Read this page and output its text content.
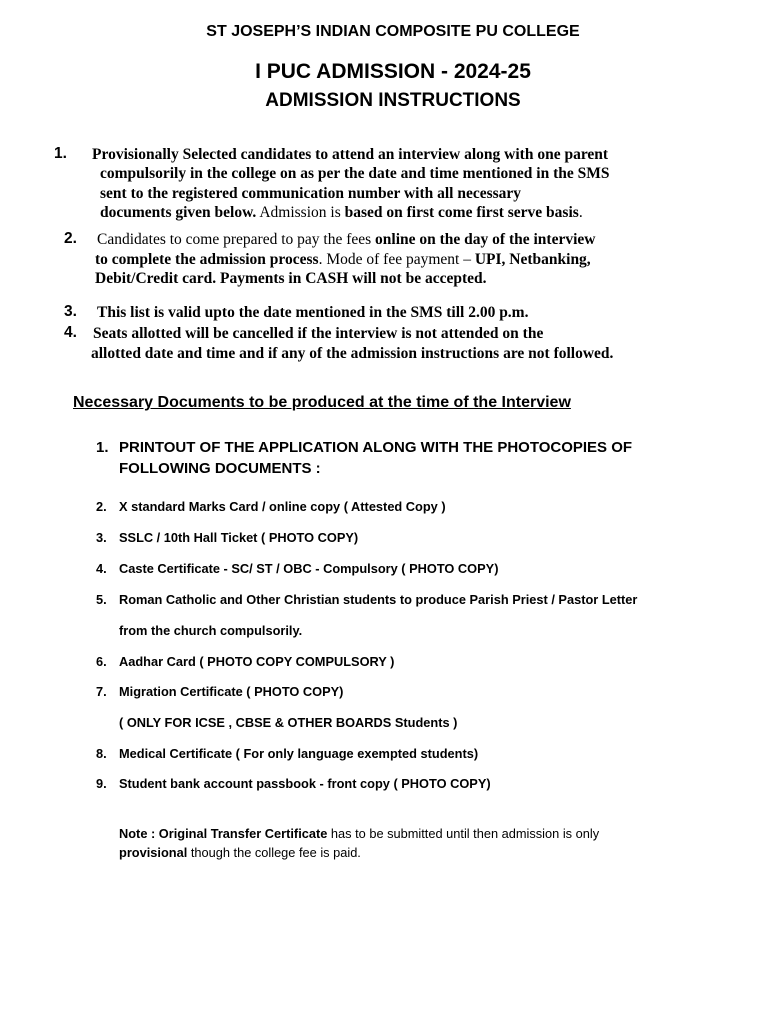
ST JOSEPH’S INDIAN COMPOSITE PU COLLEGE
I PUC ADMISSION - 2024-25
ADMISSION INSTRUCTIONS
1. Provisionally Selected candidates to attend an interview along with one parent
compulsorily in the college on as per the date and time mentioned in the SMS
sent to the registered communication number with all necessary
documents given below. Admission is based on first come first serve basis.
2. Candidates to come prepared to pay the fees online on the day of the interview
to complete the admission process. Mode of fee payment – UPI, Netbanking,
Debit/Credit card. Payments in CASH will not be accepted.
3. This list is valid upto the date mentioned in the SMS till 2.00 p.m.
4. Seats allotted will be cancelled if the interview is not attended on the
allotted date and time and if any of the admission instructions are not followed.
Necessary Documents to be produced at the time of the Interview
1. PRINTOUT OF THE APPLICATION ALONG WITH THE PHOTOCOPIES OF
FOLLOWING DOCUMENTS :
2. X standard Marks Card / online copy ( Attested Copy )
3. SSLC / 10th Hall Ticket ( PHOTO COPY)
4. Caste Certificate - SC/ ST / OBC - Compulsory ( PHOTO COPY)
5. Roman Catholic and Other Christian students to produce Parish Priest / Pastor Letter
from the church compulsorily.
6. Aadhar Card ( PHOTO COPY COMPULSORY )
7. Migration Certificate ( PHOTO COPY)
( ONLY FOR ICSE , CBSE & OTHER BOARDS Students )
8. Medical Certificate ( For only language exempted students)
9. Student bank account passbook - front copy ( PHOTO COPY)
Note : Original Transfer Certificate has to be submitted until then admission is only
provisional though the college fee is paid.
